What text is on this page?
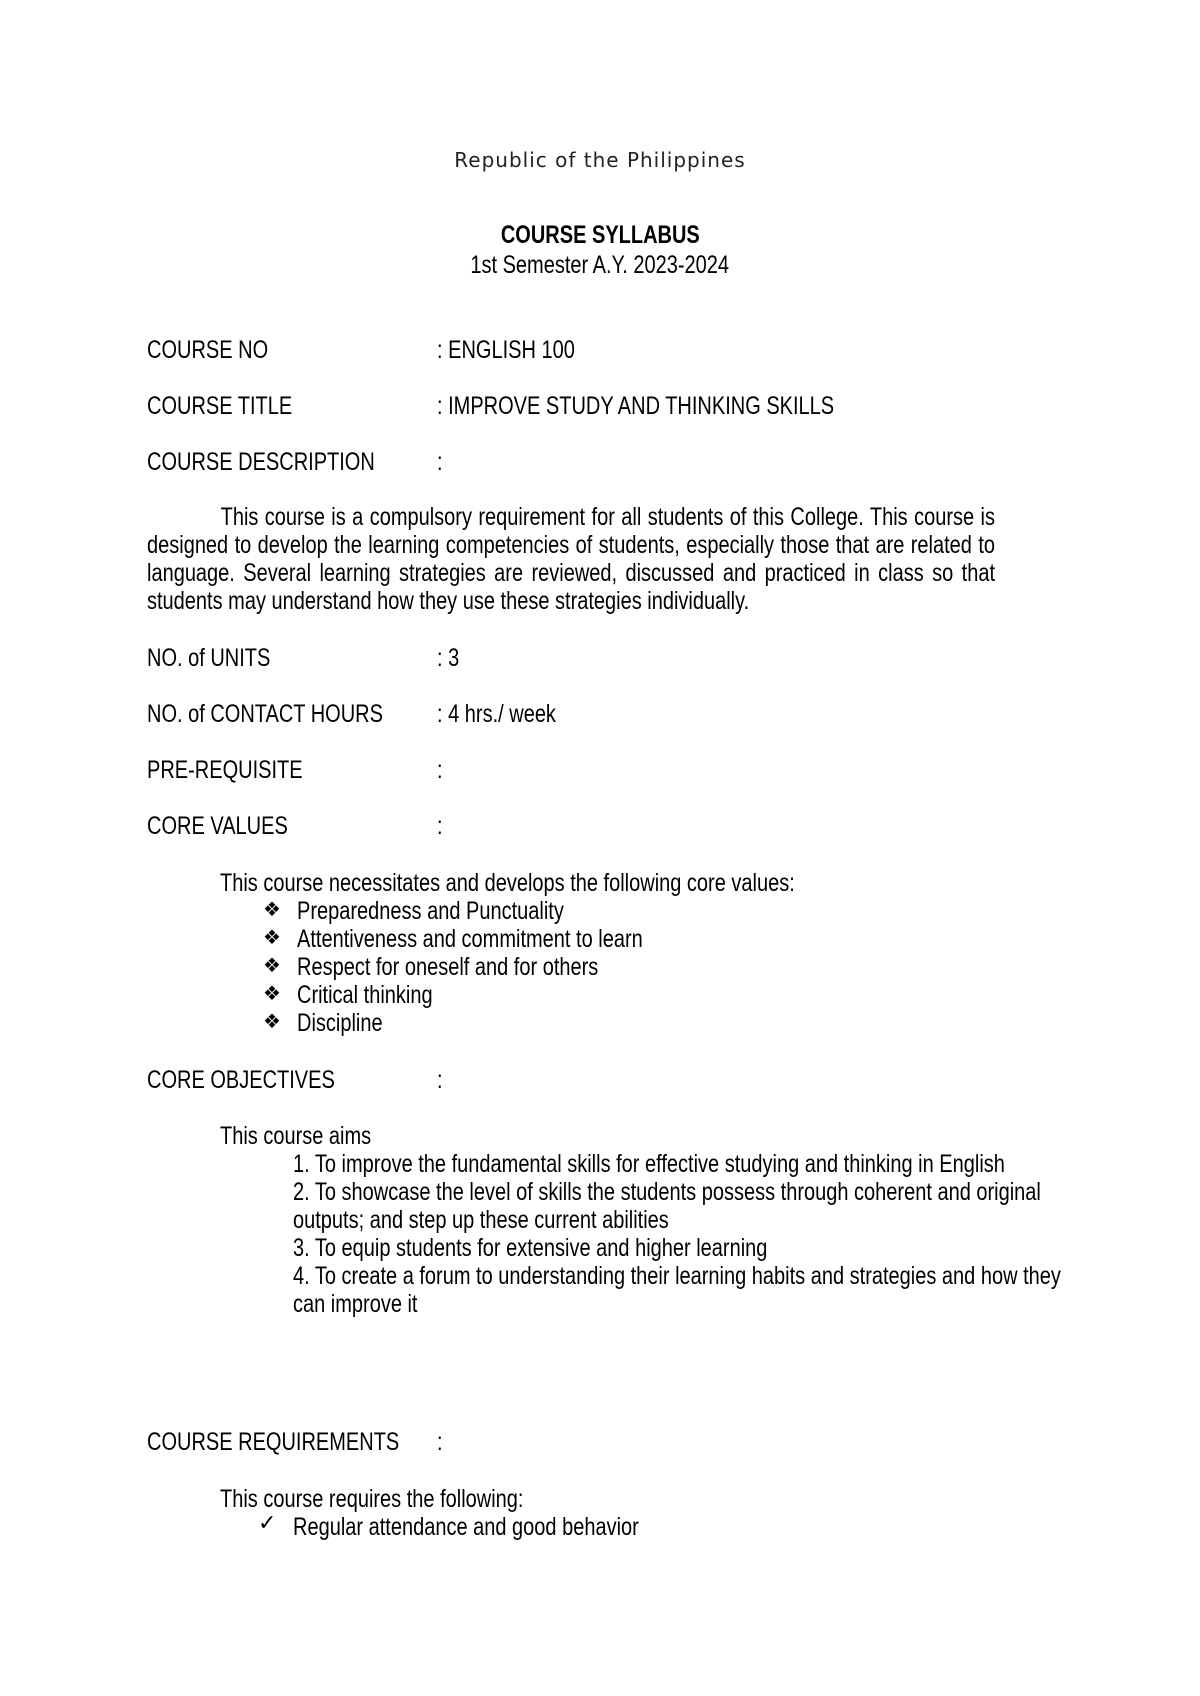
Republic of the Philippines
COURSE SYLLABUS
1st Semester A.Y. 2023-2024
COURSE NO	: ENGLISH 100
COURSE TITLE	: IMPROVE STUDY AND THINKING SKILLS
COURSE DESCRIPTION :
This course is a compulsory requirement for all students of this College. This course is designed to develop the learning competencies of students, especially those that are related to language. Several learning strategies are reviewed, discussed and practiced in class so that students may understand how they use these strategies individually.
NO. of UNITS	: 3
NO. of CONTACT HOURS : 4 hrs./ week
PRE-REQUISITE	:
CORE VALUES	:
This course necessitates and develops the following core values:
❖ Preparedness and Punctuality
❖ Attentiveness and commitment to learn
❖ Respect for oneself and for others
❖ Critical thinking
❖ Discipline
CORE OBJECTIVES	:
This course aims
1. To improve the fundamental skills for effective studying and thinking in English
2. To showcase the level of skills the students possess through coherent and original
outputs; and step up these current abilities
3. To equip students for extensive and higher learning
4. To create a forum to understanding their learning habits and strategies and how they
can improve it
COURSE REQUIREMENTS :
This course requires the following:
✓ Regular attendance and good behavior
